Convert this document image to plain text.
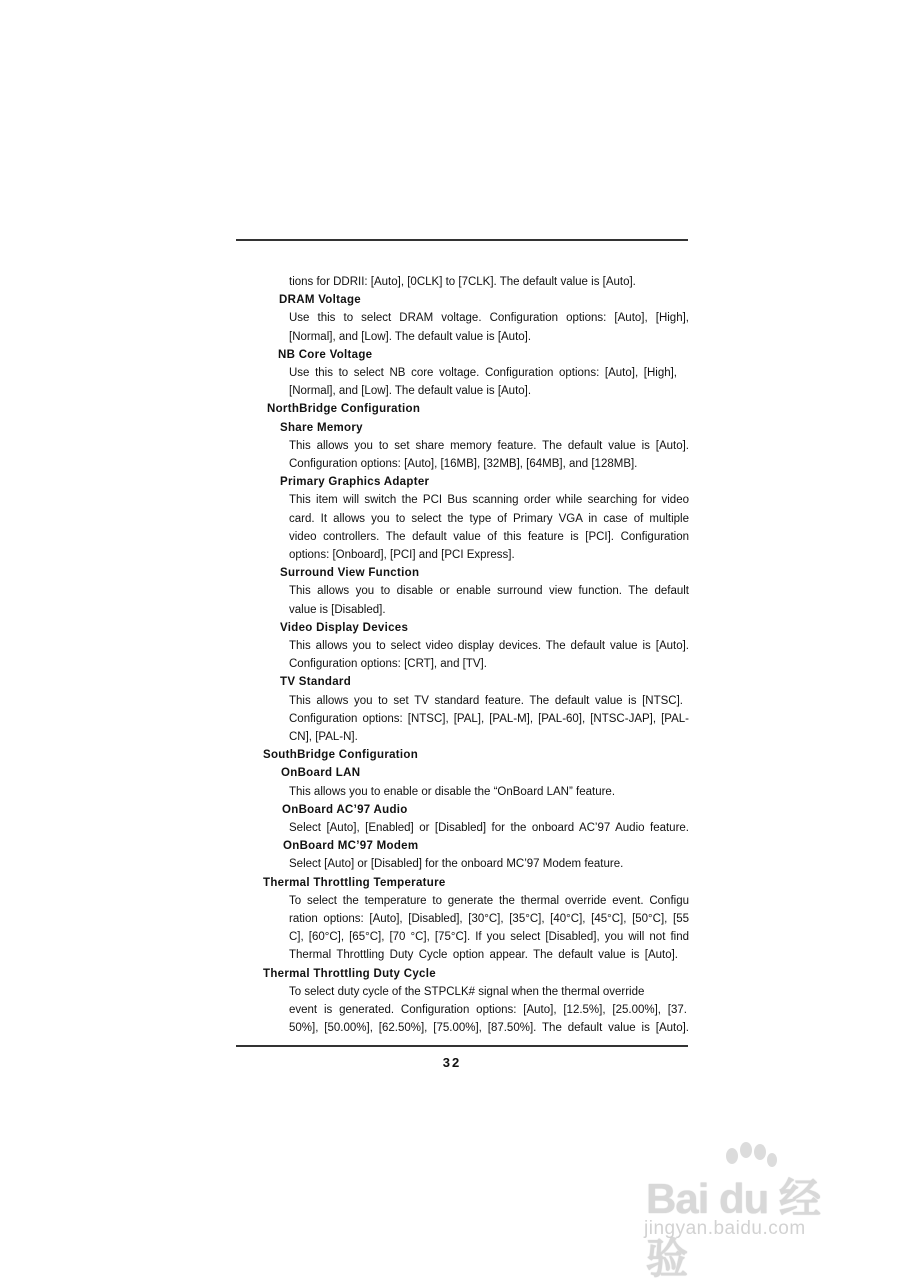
tions for DDRII: [Auto], [0CLK] to [7CLK]. The default value is [Auto].
DRAM Voltage
Use this to select DRAM voltage. Configuration options: [Auto], [High],
[Normal], and [Low]. The default value is [Auto].
NB Core Voltage
Use this to select NB core voltage. Configuration options: [Auto], [High],
[Normal], and [Low]. The default value is [Auto].
NorthBridge Configuration
Share Memory
This allows you to set share memory feature. The default value is [Auto].
Configuration options: [Auto], [16MB], [32MB], [64MB], and [128MB].
Primary Graphics Adapter
This item will switch the PCI Bus scanning order while searching for video
card. It allows you to select the type of Primary VGA in case of multiple
video controllers. The default value of this feature is [PCI]. Configuration
options: [Onboard], [PCI] and [PCI Express].
Surround View Function
This allows you to disable or enable surround view function. The default
value is [Disabled].
Video Display Devices
This allows you to select video display devices. The default value is [Auto].
Configuration options: [CRT], and [TV].
TV Standard
This allows you to set TV standard feature. The default value is [NTSC].
Configuration options: [NTSC], [PAL], [PAL-M], [PAL-60], [NTSC-JAP], [PAL-
CN], [PAL-N].
SouthBridge Configuration
OnBoard LAN
This allows you to enable or disable the “OnBoard LAN” feature.
OnBoard AC’97 Audio
Select [Auto], [Enabled] or [Disabled] for the onboard AC’97 Audio feature.
OnBoard MC’97 Modem
Select [Auto] or [Disabled] for the onboard MC’97 Modem feature.
Thermal Throttling Temperature
To select the temperature to generate the thermal override event. Configu
ration options: [Auto], [Disabled], [30°C], [35°C], [40°C], [45°C], [50°C], [55
C], [60°C], [65°C], [70 °C], [75°C]. If you select [Disabled], you will not find
Thermal Throttling Duty Cycle option appear. The default value is [Auto].
Thermal Throttling Duty Cycle
To select duty cycle of the STPCLK# signal when the thermal override
event is generated. Configuration options: [Auto], [12.5%], [25.00%], [37.
50%], [50.00%], [62.50%], [75.00%], [87.50%]. The default value is [Auto].
32
Bai du 经验
jingyan.baidu.com
